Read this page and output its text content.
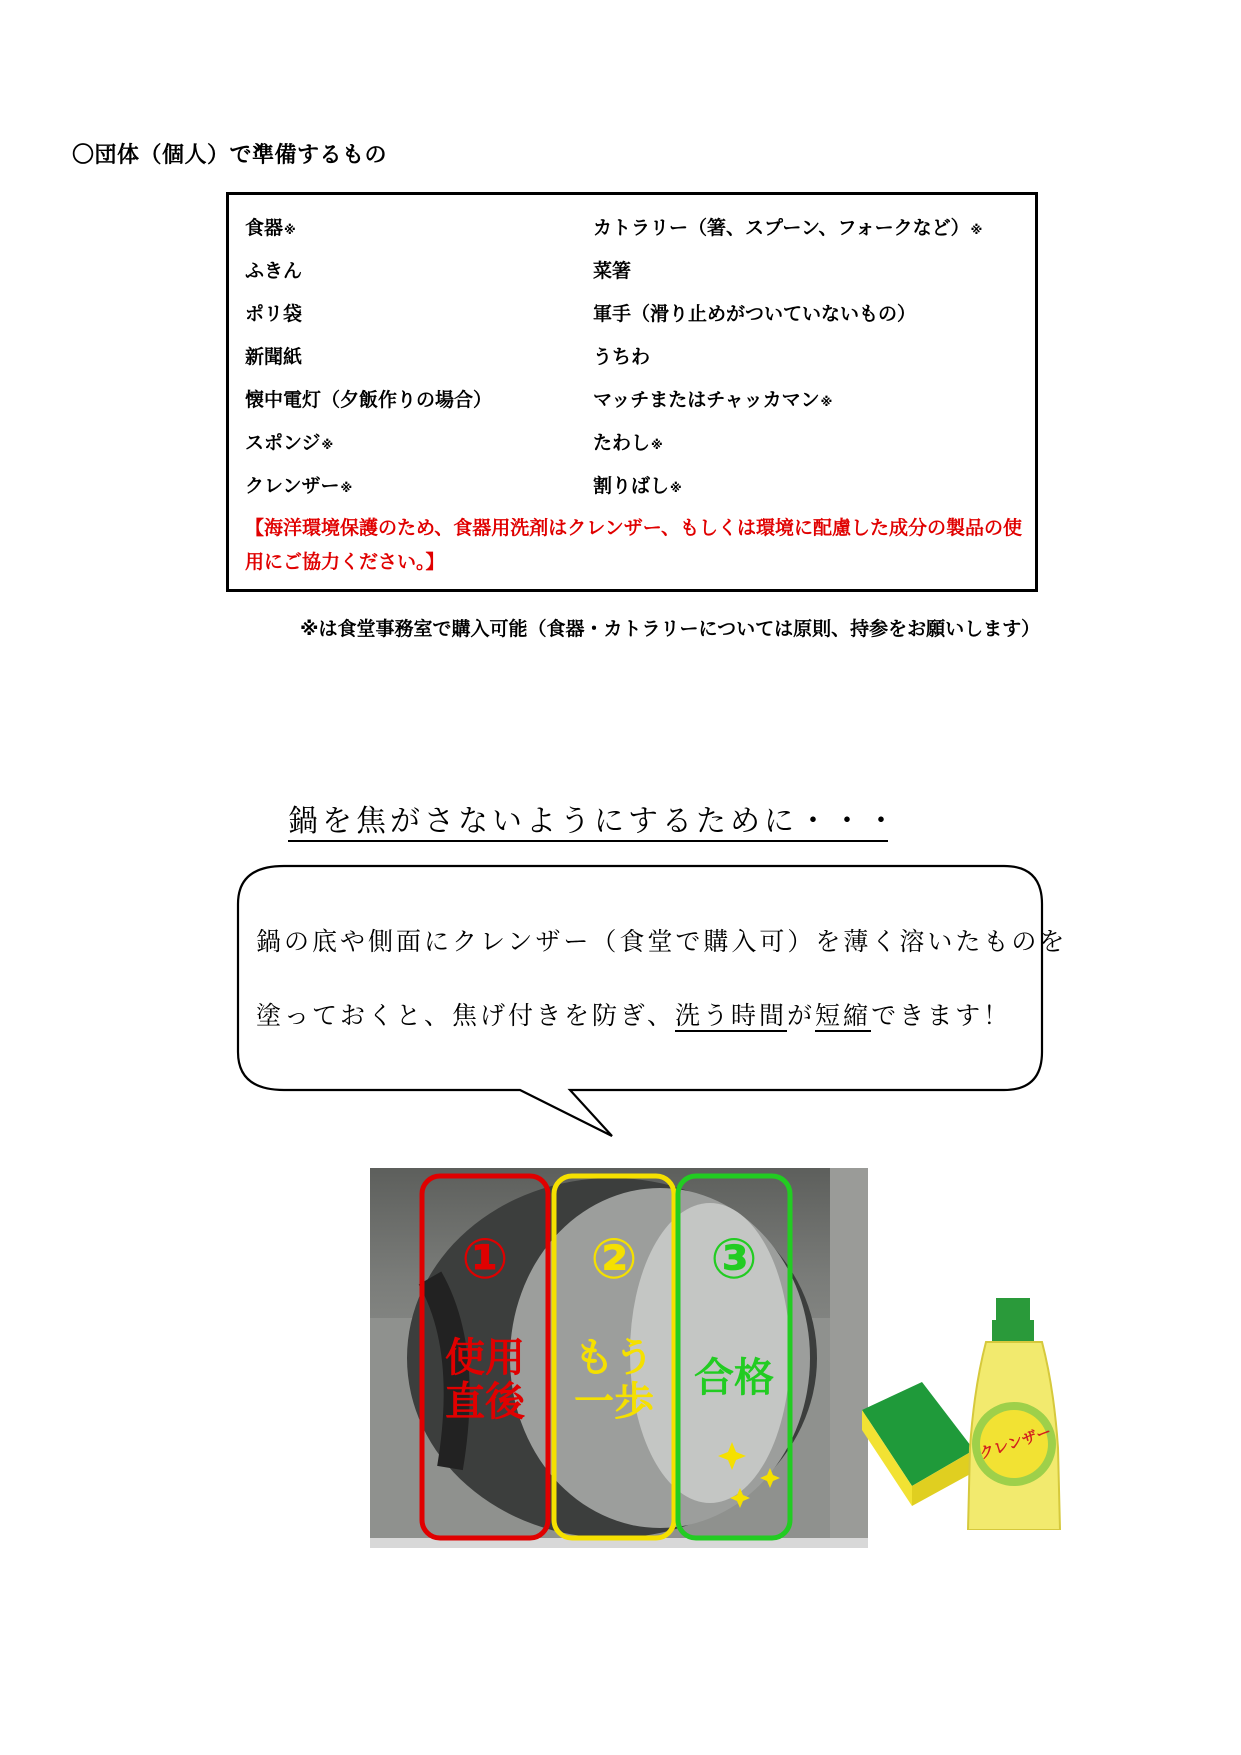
〇団体（個人）で準備するもの
食器※
ふきん
ポリ袋
新聞紙
懐中電灯（夕飯作りの場合）
スポンジ※
クレンザー※
カトラリー（箸、スプーン、フォークなど）※
菜箸
軍手（滑り止めがついていないもの）
うちわ
マッチまたはチャッカマン※
たわし※
割りばし※
【海洋環境保護のため、食器用洗剤はクレンザー、もしくは環境に配慮した成分の製品の使用にご協力ください。】
※は食堂事務室で購入可能（食器・カトラリーについては原則、持参をお願いします）
鍋を焦がさないようにするために・・・
鍋の底や側面にクレンザー（食堂で購入可）を薄く溶いたものを
塗っておくと、焦げ付きを防ぎ、洗う時間が短縮できます！
①
使用
直後
②
もう
一歩
③
合格
クレンザー
